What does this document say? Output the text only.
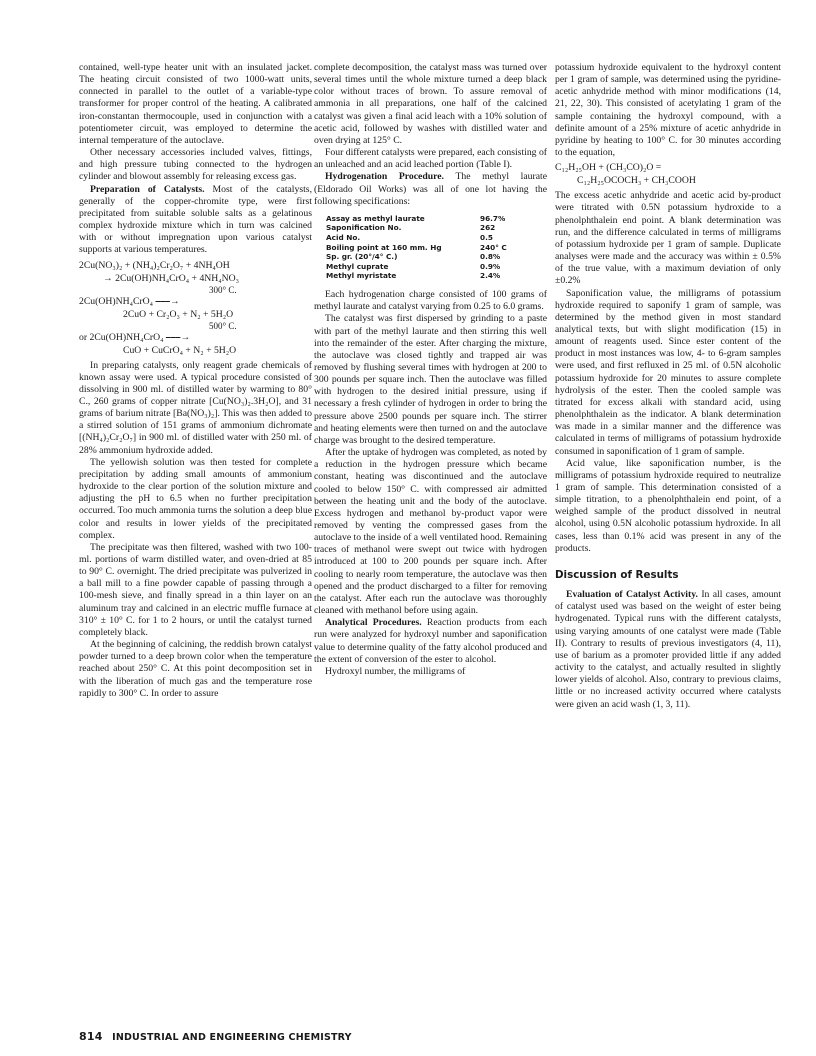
contained, well-type heater unit with an insulated jacket. The heating circuit consisted of two 1000-watt units, connected in parallel to the outlet of a variable-type transformer for proper control of the heating. A calibrated iron-constantan thermocouple, used in conjunction with a potentiometer circuit, was employed to determine the internal temperature of the autoclave.

Other necessary accessories included valves, fittings, and high pressure tubing connected to the hydrogen cylinder and blowout assembly for releasing excess gas.

Preparation of Catalysts. Most of the catalysts, generally of the copper-chromite type, were first precipitated from suitable soluble salts as a gelatinous complex hydroxide mixture which in turn was calcined with or without impregnation upon various catalyst supports at various temperatures.

2Cu(NO₃)₂ + (NH₄)₂Cr₂O₇ + 4NH₄OH
→ 2Cu(OH)NH₄CrO₄ + 4NH₄NO₃
300° C.
2Cu(OH)NH₄CrO₄ ⎯⎯⎯→
2CuO + Cr₂O₃ + N₂ + 5H₂O
500° C.
or 2Cu(OH)NH₄CrO₄ ⎯⎯⎯→
CuO + CuCrO₄ + N₂ + 5H₂O

In preparing catalysts, only reagent grade chemicals of known assay were used. A typical procedure consisted of dissolving in 900 ml. of distilled water by warming to 80° C., 260 grams of copper nitrate [Cu(NO₃)₂.3H₂O], and 31 grams of barium nitrate [Ba(NO₃)₂]. This was then added to a stirred solution of 151 grams of ammonium dichromate [(NH₄)₂Cr₂O₇] in 900 ml. of distilled water with 250 ml. of 28% ammonium hydroxide added.

The yellowish solution was then tested for complete precipitation by adding small amounts of ammonium hydroxide to the clear portion of the solution mixture and adjusting the pH to 6.5 when no further precipitation occurred. Too much ammonia turns the solution a deep blue color and results in lower yields of the precipitated complex.

The precipitate was then filtered, washed with two 100-ml. portions of warm distilled water, and oven-dried at 85 to 90° C. overnight. The dried precipitate was pulverized in a ball mill to a fine powder capable of passing through a 100-mesh sieve, and finally spread in a thin layer on an aluminum tray and calcined in an electric muffle furnace at 310° ± 10° C. for 1 to 2 hours, or until the catalyst turned completely black.

At the beginning of calcining, the reddish brown catalyst powder turned to a deep brown color when the temperature reached about 250° C. At this point decomposition set in with the liberation of much gas and the temperature rose rapidly to 300° C. In order to assure

complete decomposition, the catalyst mass was turned over several times until the whole mixture turned a deep black color without traces of brown. To assure removal of ammonia in all preparations, one half of the calcined catalyst was given a final acid leach with a 10% solution of acetic acid, followed by washes with distilled water and oven drying at 125° C.

Four different catalysts were prepared, each consisting of an unleached and an acid leached portion (Table I).

Hydrogenation Procedure. The methyl laurate (Eldorado Oil Works) was all of one lot having the following specifications:

Assay as methyl laurate	96.7%
Saponification No.	262
Acid No.	0.5
Boiling point at 160 mm. Hg	240° C
Sp. gr. (20°/4° C.)	0.8%
Methyl cuprate	0.9%
Methyl myristate	2.4%

Each hydrogenation charge consisted of 100 grams of methyl laurate and catalyst varying from 0.25 to 6.0 grams.

The catalyst was first dispersed by grinding to a paste with part of the methyl laurate and then stirring this well into the remainder of the ester. After charging the mixture, the autoclave was closed tightly and trapped air was removed by flushing several times with hydrogen at 200 to 300 pounds per square inch. Then the autoclave was filled with hydrogen to the desired initial pressure, using if necessary a fresh cylinder of hydrogen in order to bring the pressure above 2500 pounds per square inch. The stirrer and heating elements were then turned on and the autoclave charge was brought to the desired temperature.

After the uptake of hydrogen was completed, as noted by a reduction in the hydrogen pressure which became constant, heating was discontinued and the autoclave cooled to below 150° C. with compressed air admitted between the heating unit and the body of the autoclave. Excess hydrogen and methanol by-product vapor were removed by venting the compressed gases from the autoclave to the inside of a well ventilated hood. Remaining traces of methanol were swept out twice with hydrogen introduced at 100 to 200 pounds per square inch. After cooling to nearly room temperature, the autoclave was then opened and the product discharged to a filter for removing the catalyst. After each run the autoclave was thoroughly cleaned with methanol before using again.

Analytical Procedures. Reaction products from each run were analyzed for hydroxyl number and saponification value to determine quality of the fatty alcohol produced and the extent of conversion of the ester to alcohol.

Hydroxyl number, the milligrams of

potassium hydroxide equivalent to the hydroxyl content per 1 gram of sample, was determined using the pyridine-acetic anhydride method with minor modifications (14, 21, 22, 30). This consisted of acetylating 1 gram of the sample containing the hydroxyl compound, with a definite amount of a 25% mixture of acetic anhydride in pyridine by heating to 100° C. for 30 minutes according to the equation,

C₁₂H₂₅OH + (CH₃CO)₂O =
C₁₂H₂₅OCOCH₃ + CH₃COOH

The excess acetic anhydride and acetic acid by-product were titrated with 0.5N potassium hydroxide to a phenolphthalein end point. A blank determination was run, and the difference calculated in terms of milligrams of potassium hydroxide per 1 gram of sample. Duplicate analyses were made and the accuracy was within ± 0.5% of the true value, with a maximum deviation of only ±0.2%

Saponification value, the milligrams of potassium hydroxide required to saponify 1 gram of sample, was determined by the method given in most standard analytical texts, but with slight modification (15) in amount of reagents used. Since ester content of the product in most instances was low, 4- to 6-gram samples were used, and first refluxed in 25 ml. of 0.5N alcoholic potassium hydroxide for 20 minutes to assure complete hydrolysis of the ester. Then the cooled sample was titrated for excess alkali with standard acid, using phenolphthalein as the indicator. A blank determination was made in a similar manner and the difference was calculated in terms of milligrams of potassium hydroxide consumed in saponification of 1 gram of sample.

Acid value, like saponification number, is the milligrams of potassium hydroxide required to neutralize 1 gram of sample. This determination consisted of a simple titration, to a phenolphthalein end point, of a weighed sample of the product dissolved in neutral alcohol, using 0.5N alcoholic potassium hydroxide. In all cases, less than 0.1% acid was present in any of the products.

Discussion of Results

Evaluation of Catalyst Activity. In all cases, amount of catalyst used was based on the weight of ester being hydrogenated. Typical runs with the different catalysts, using varying amounts of one catalyst were made (Table II). Contrary to results of previous investigators (4, 11), use of barium as a promoter provided little if any added activity to the catalyst, and actually resulted in slightly lower yields of alcohol. Also, contrary to previous claims, little or no increased activity occurred where catalysts were given an acid wash (1, 3, 11).

814 INDUSTRIAL AND ENGINEERING CHEMISTRY
